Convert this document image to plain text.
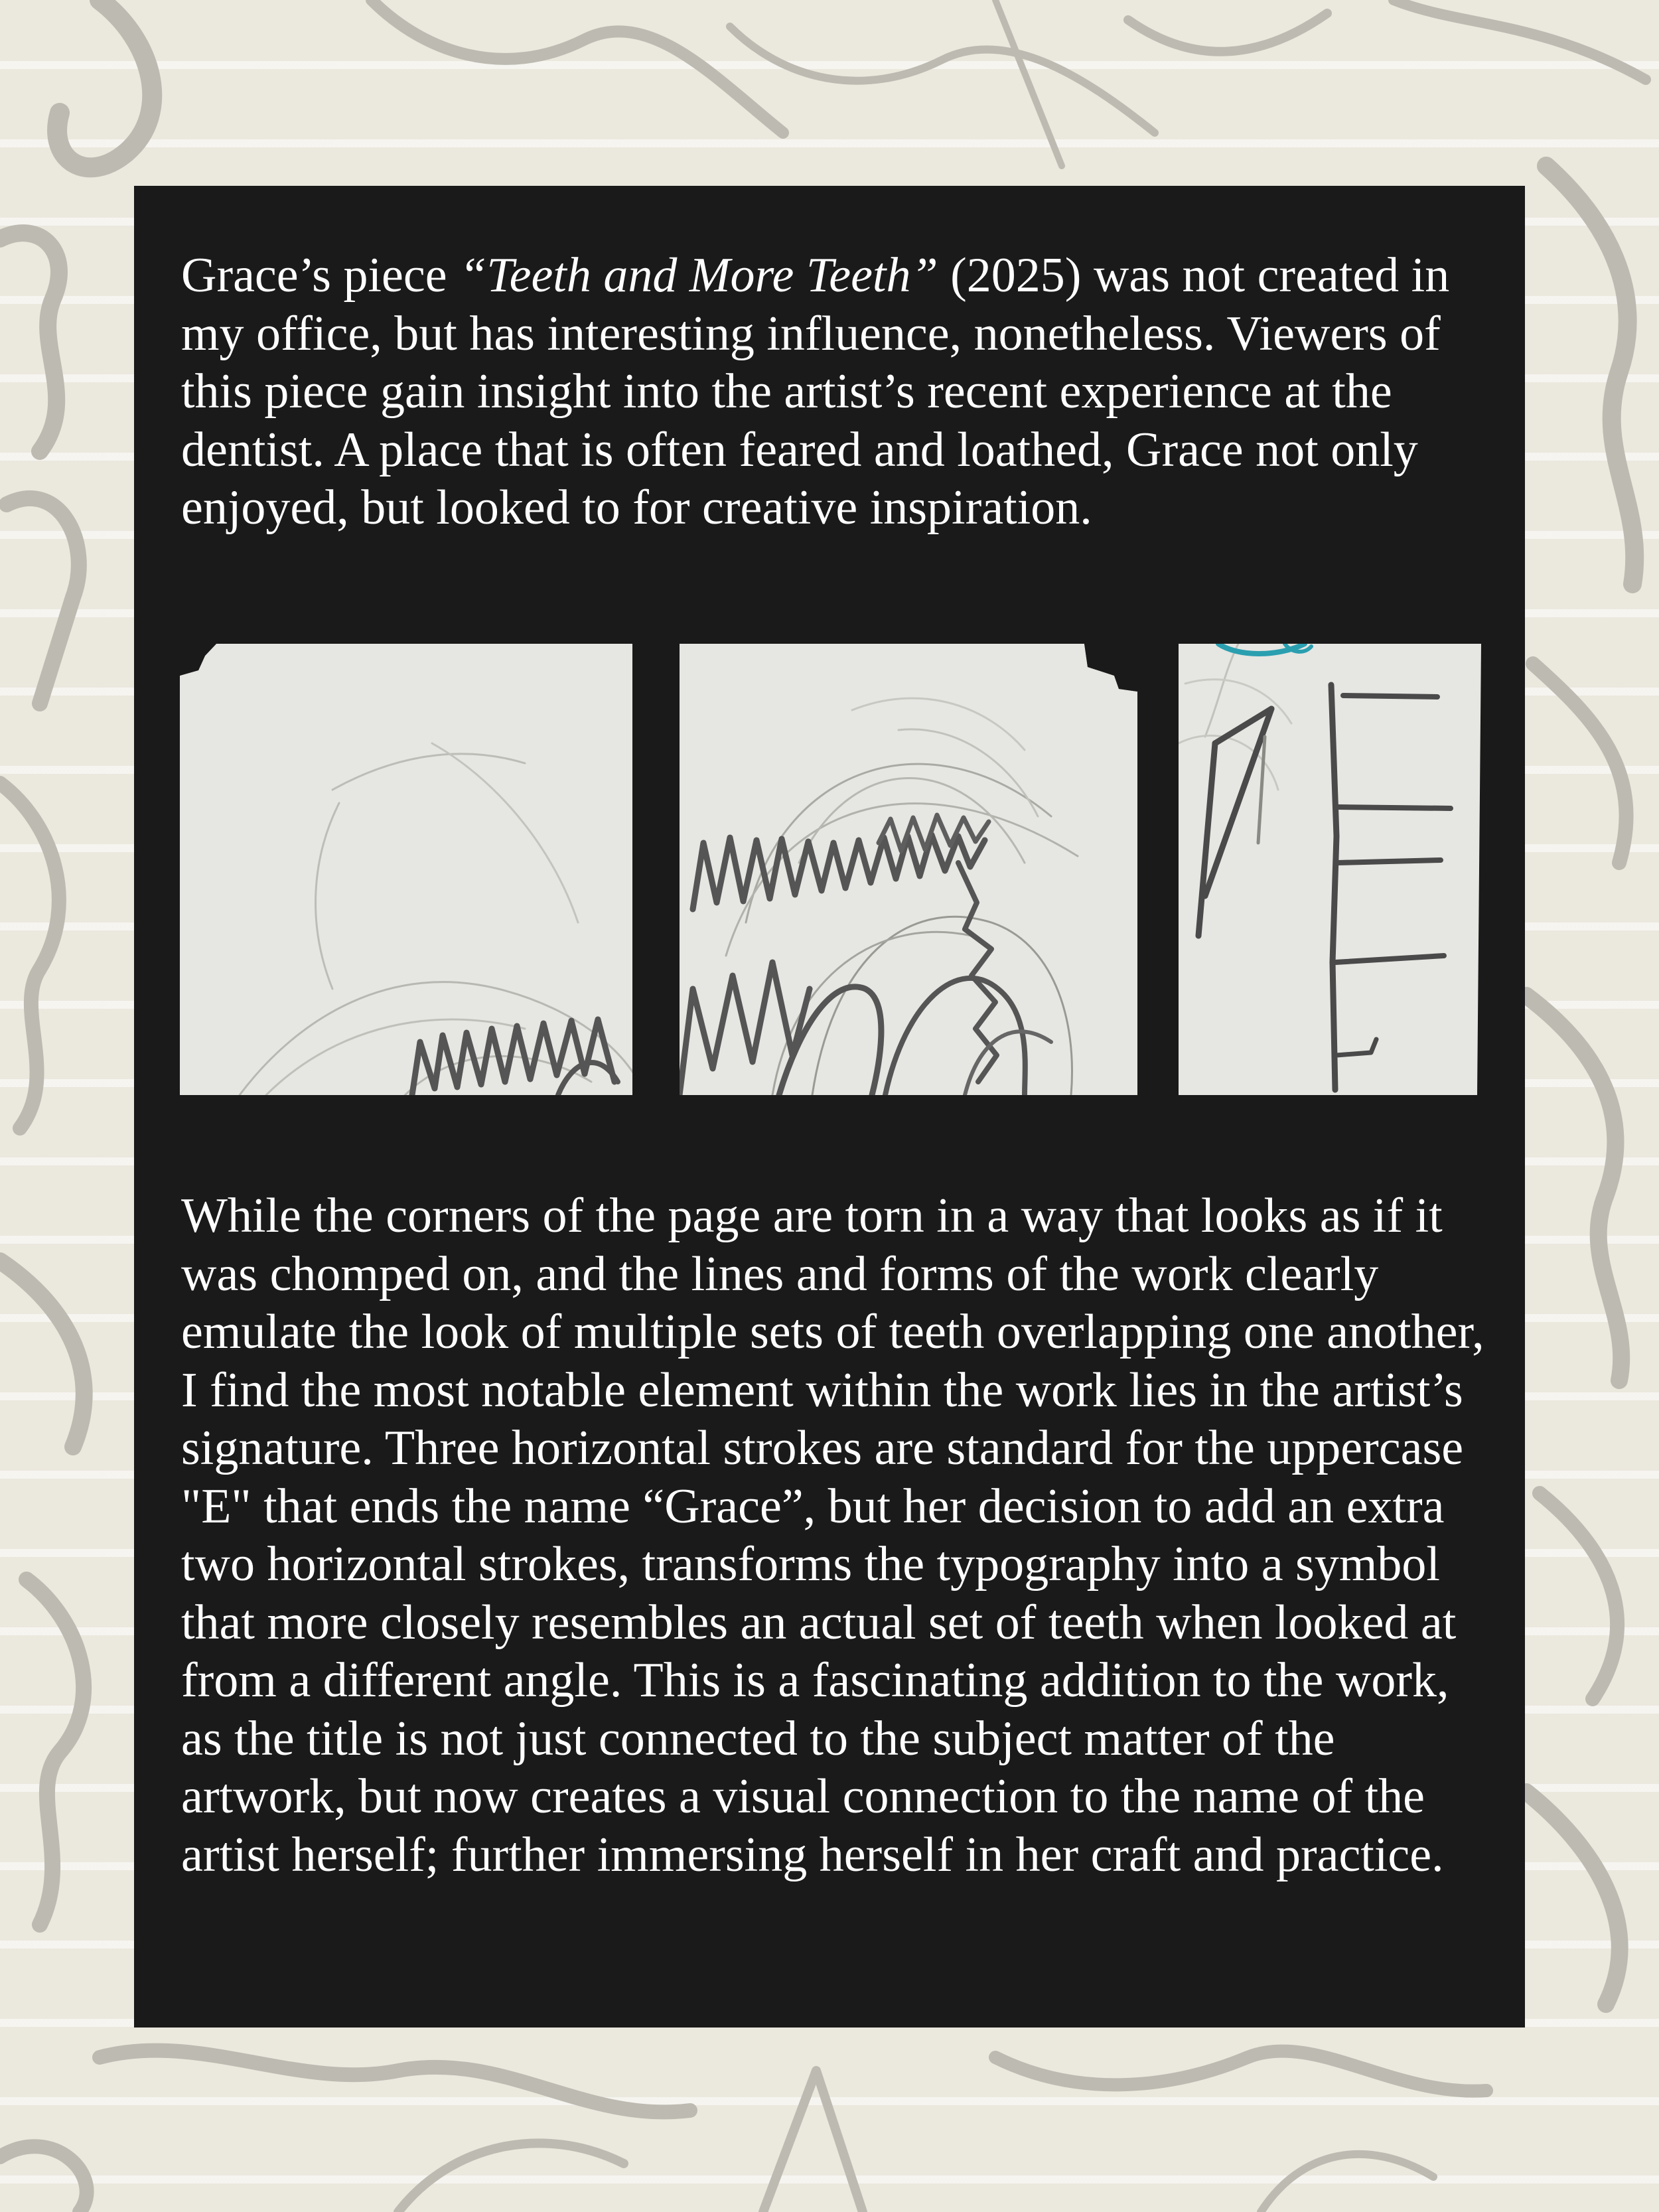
Grace’s piece “Teeth and More Teeth” (2025) was not created in my office, but has interesting influence, nonetheless. Viewers of this piece gain insight into the artist’s recent experience at the dentist. A place that is often feared and loathed, Grace not only enjoyed, but looked to for creative inspiration.

While the corners of the page are torn in a way that looks as if it was chomped on, and the lines and forms of the work clearly emulate the look of multiple sets of teeth overlapping one another, I find the most notable element within the work lies in the artist’s signature. Three horizontal strokes are standard for the uppercase "E" that ends the name “Grace”, but her decision to add an extra two horizontal strokes, transforms the typography into a symbol that more closely resembles an actual set of teeth when looked at from a different angle. This is a fascinating addition to the work, as the title is not just connected to the subject matter of the artwork, but now creates a visual connection to the name of the artist herself; further immersing herself in her craft and practice.
